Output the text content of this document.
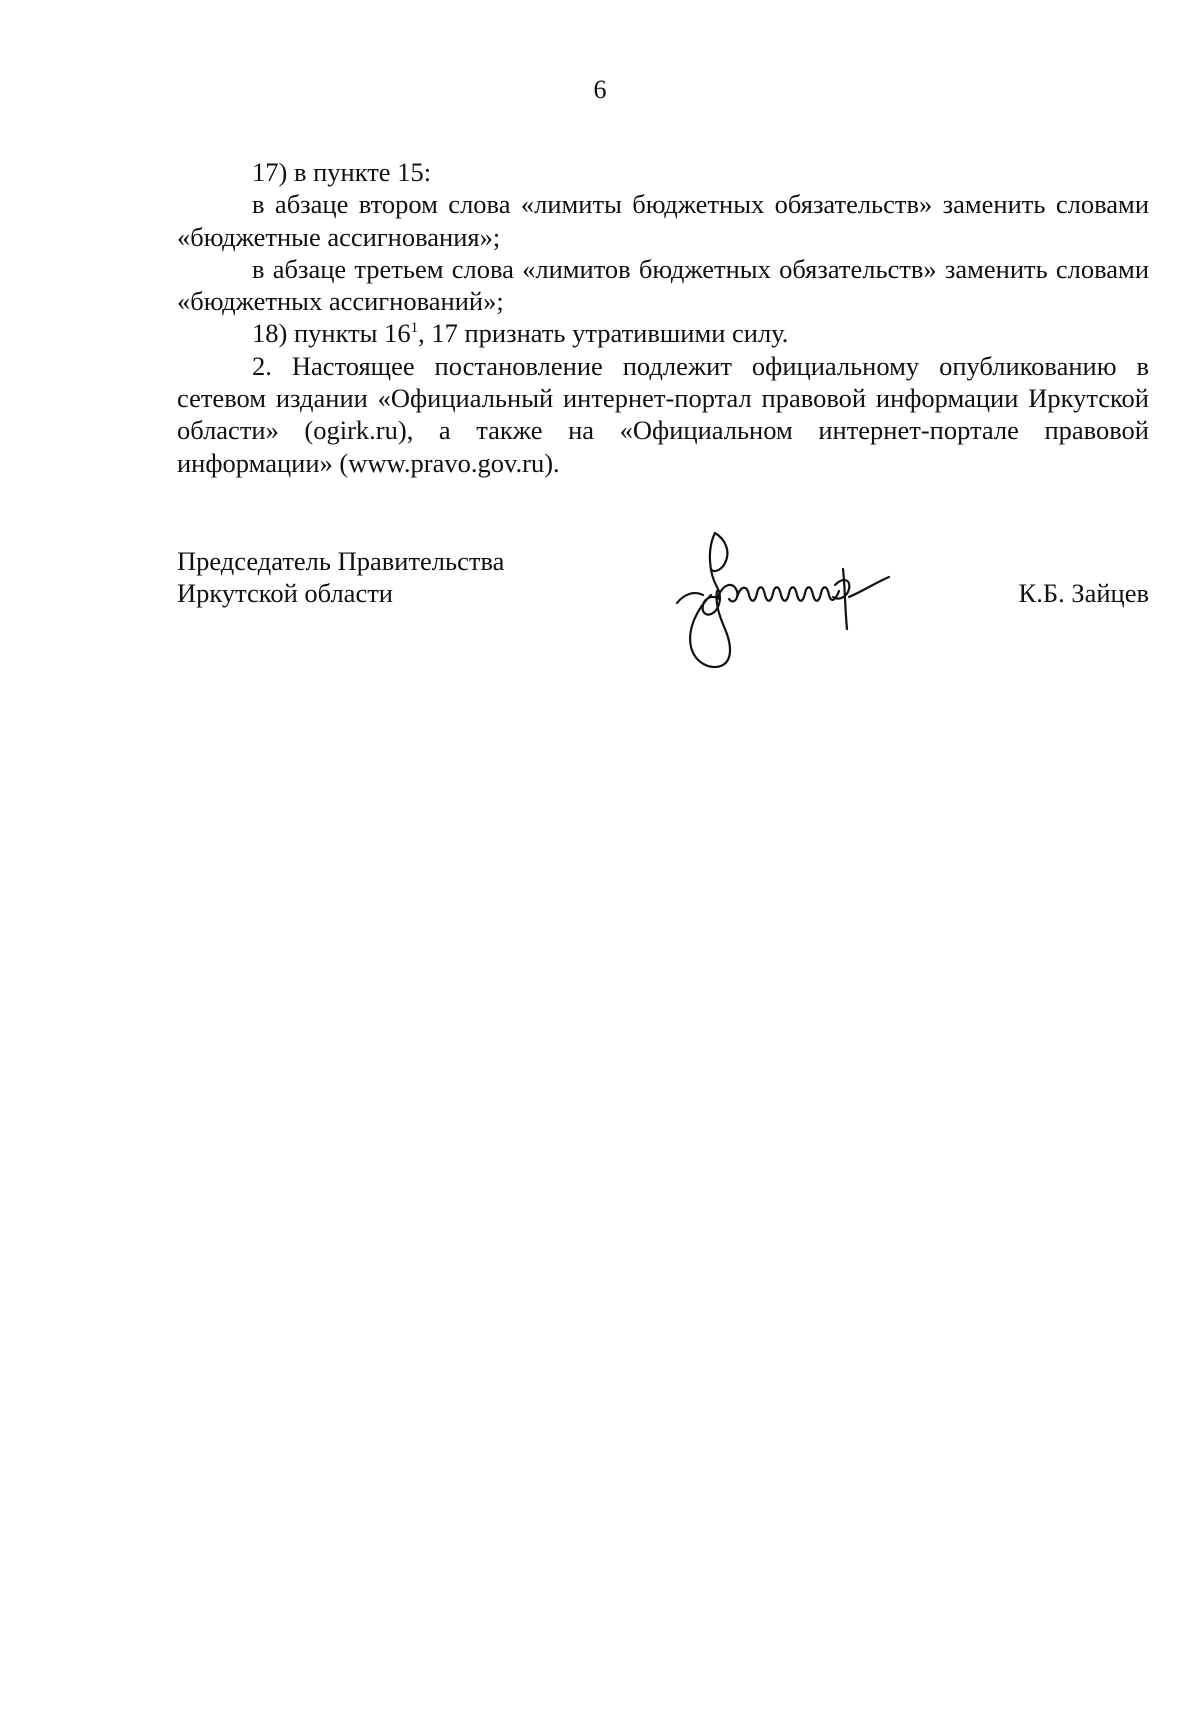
6

17) в пункте 15:

в абзаце втором слова «лимиты бюджетных обязательств» заменить словами «бюджетные ассигнования»;

в абзаце третьем слова «лимитов бюджетных обязательств» заменить словами «бюджетных ассигнований»;

18) пункты $16^1$, 17 признать утратившими силу.

2. Настоящее постановление подлежит официальному опубликованию в сетевом издании «Официальный интернет-портал правовой информации Иркутской области» (ogirk.ru), а также на «Официальном интернет-портале правовой информации» (www.pravo.gov.ru).

Председатель Правительства
Иркутской области	К.Б. Зайцев
